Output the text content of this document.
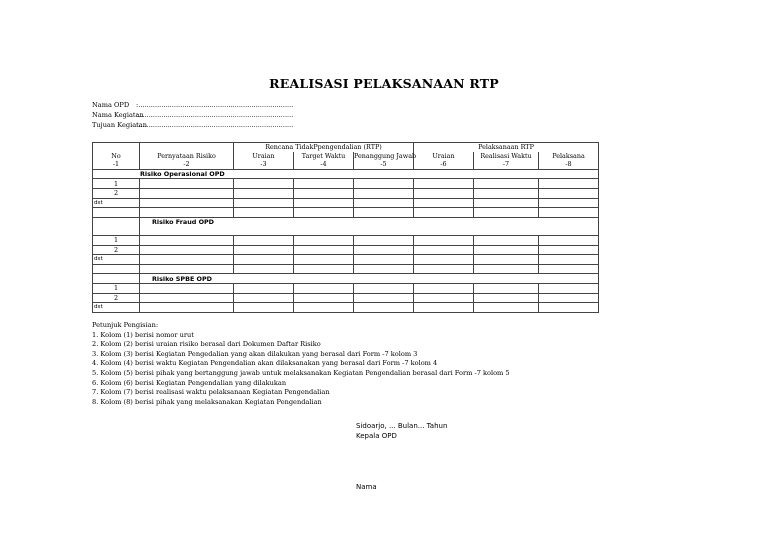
REALISASI PELAKSANAAN RTP
Nama OPD :..........................................................................
Nama Kegiatan:..........................................................................
Tujuan Kegiatan:..........................................................................
		Rencana TidakPpengendalian (RTP)			Pelaksanaan RTP		
No	Pernyataan Risiko	Uraian	Target Waktu	Penanggung Jawab	Uraian	Realisasi Waktu	Pelaksana
-1	-2	-3	-4	-5	-6	-7	-8
Risiko Operasional OPD							
1							
2							
dst							

	Risiko Fraud OPD						

1							
2							
dst							

	Risiko SPBE OPD						
1							
2							
dst							
Petunjuk Pengisian:
1. Kolom (1) berisi nomor urut
2. Kolom (2) berisi uraian risiko berasal dari Dokumen Daftar Risiko
3. Kolom (3) berisi Kegiatan Pengedalian yang akan dilakukan yang berasal dari Form -7 kolom 3
4. Kolom (4) berisi waktu Kegiatan Pengendalian akan dilaksanakan yang berasal dari Form -7 kolom 4
5. Kolom (5) berisi pihak yang bertanggung jawab untuk melaksanakan Kegiatan Pengendalian berasal dari Form -7 kolom 5
6. Kolom (6) berisi Kegiatan Pengendalian yang dilakukan
7. Kolom (7) berisi realisasi waktu pelaksanaan Kegiatan Pengendalian
8. Kolom (8) berisi pihak yang melaksanakan Kegiatan Pengendalian
Sidoarjo, ... Bulan... Tahun
Kepala OPD
Nama
